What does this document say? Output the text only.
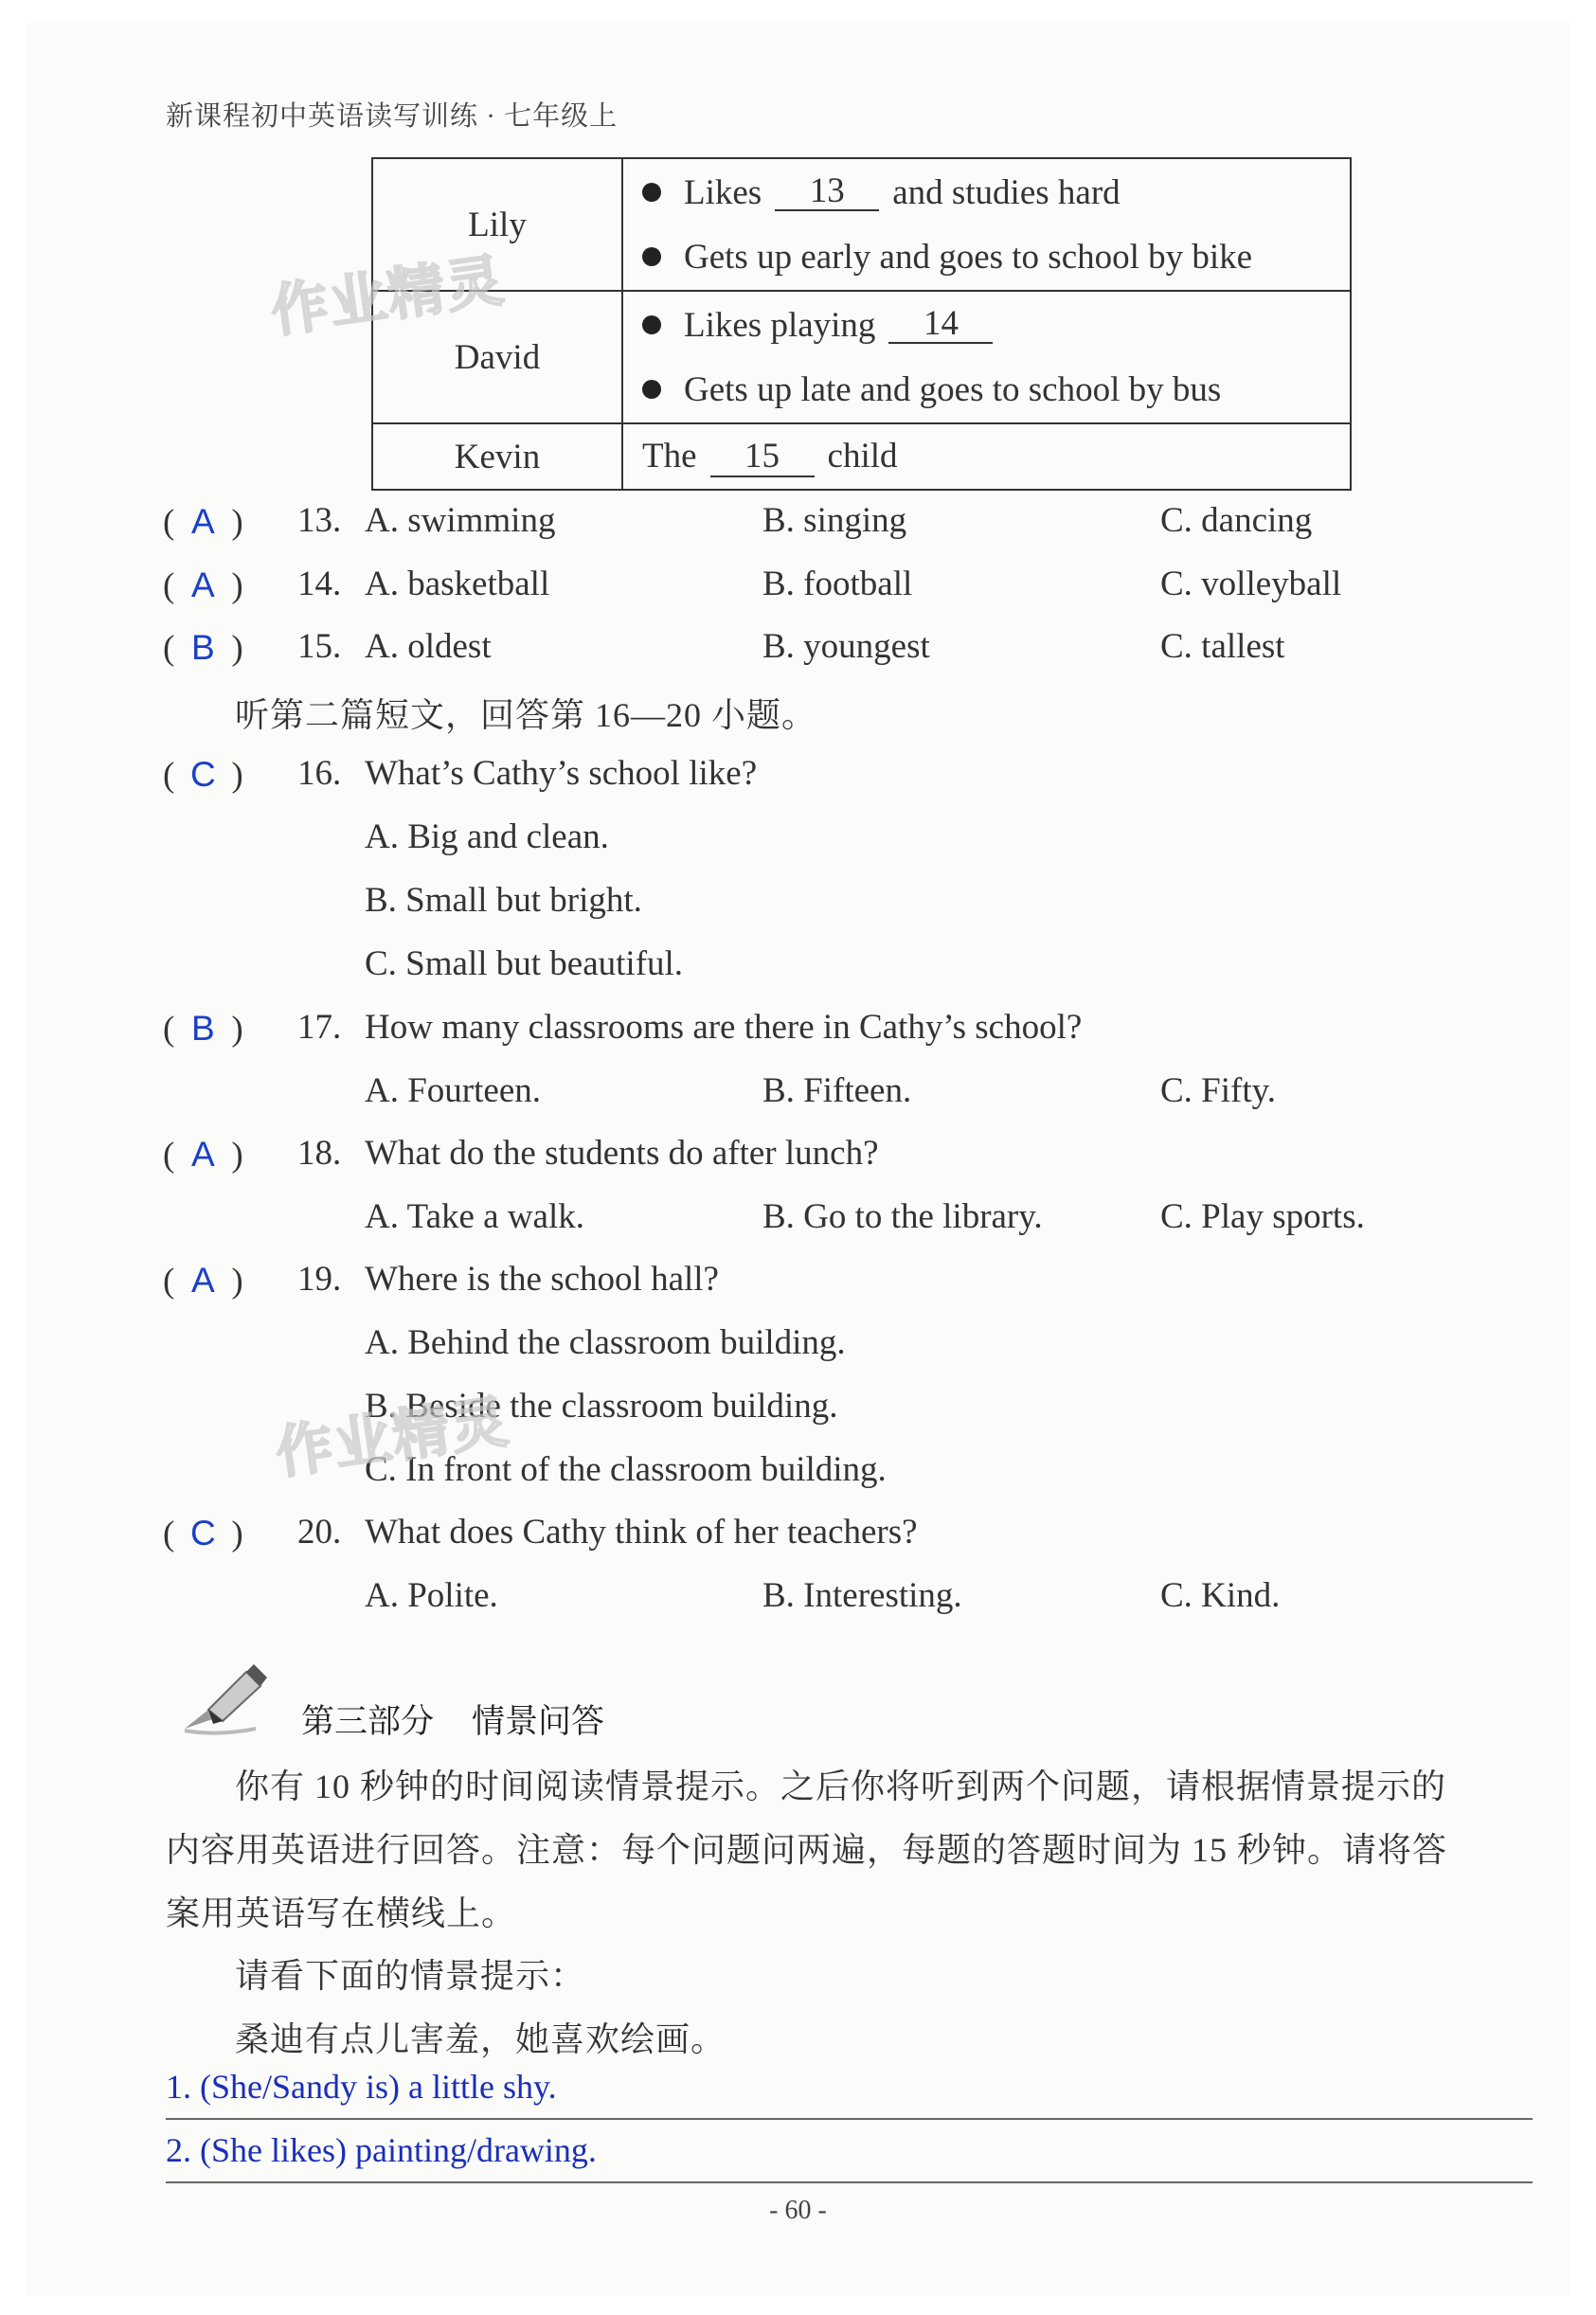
新课程初中英语读写训练 · 七年级上
Lily	Likes 13 and studies hard
Gets up early and goes to school by bike

David	Likes playing 14
Gets up late and goes to school by bus

Kevin	The 15 child
( A ) 13. A. swimming	B. singing	C. dancing
( A ) 14. A. basketball	B. football	C. volleyball
( B ) 15. A. oldest	B. youngest	C. tallest
听第二篇短文，回答第 16—20 小题。
( C ) 16. What’s Cathy’s school like?
A. Big and clean.
B. Small but bright.
C. Small but beautiful.
( B ) 17. How many classrooms are there in Cathy’s school?
A. Fourteen.	B. Fifteen.	C. Fifty.
( A ) 18. What do the students do after lunch?
A. Take a walk.	B. Go to the library.	C. Play sports.
( A ) 19. Where is the school hall?
A. Behind the classroom building.
B. Beside the classroom building.
C. In front of the classroom building.
( C ) 20. What does Cathy think of her teachers?
A. Polite.	B. Interesting.	C. Kind.
第三部分 情景问答
你有 10 秒钟的时间阅读情景提示。之后你将听到两个问题，请根据情景提示的
内容用英语进行回答。注意：每个问题问两遍，每题的答题时间为 15 秒钟。请将答
案用英语写在横线上。
请看下面的情景提示：
桑迪有点儿害羞，她喜欢绘画。
1. (She/Sandy is) a little shy.
2. (She likes) painting/drawing.
- 60 -
作业精灵
作业精灵
